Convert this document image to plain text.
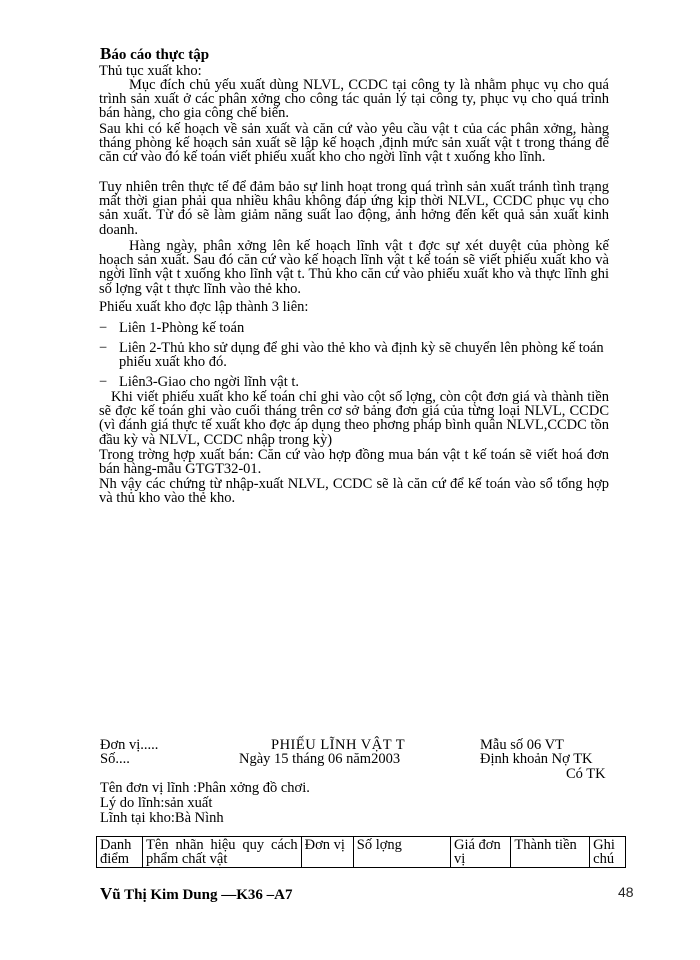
Báo cáo thực tập
Thủ tục xuất kho:
Mục đích chủ yếu xuất dùng NLVL, CCDC tại công ty là nhằm phục vụ cho quá trình sản xuất ở các phân xởng cho công tác quản lý tại công ty, phục vụ cho quá trình bán hàng, cho gia công chế biến.
Sau khi có kế hoạch về sản xuất và căn cứ vào yêu cầu vật t của các phân xởng, hàng tháng phòng kế hoạch sản xuất sẽ lập kế hoạch ,định mức sản xuất vật t trong tháng để căn cứ vào đó kế toán viết phiếu xuất kho cho ngời lĩnh vật t xuống kho lĩnh.
Tuy nhiên trên thực tế để đảm bảo sự linh hoạt trong quá trình sản xuất tránh tình trạng mất thời gian phải qua nhiều khâu không đáp ứng kịp thời NLVL, CCDC phục vụ cho sản xuất. Từ đó sẽ làm giảm năng suất lao động, ảnh hởng đến kết quả sản xuất kinh doanh.
Hàng ngày, phân xởng lên kế hoạch lĩnh vật t đợc sự xét duyệt của phòng kế hoạch sản xuất. Sau đó căn cứ vào kế hoạch lĩnh vật t kế toán sẽ viết phiếu xuất kho và ngời lĩnh vật t xuống kho lĩnh vật t. Thủ kho căn cứ vào phiếu xuất kho và thực lĩnh ghi số lợng vật t thực lĩnh vào thẻ kho.
Phiếu xuất kho đợc lập thành 3 liên:
− Liên 1-Phòng kế toán
− Liên 2-Thủ kho sử dụng để ghi vào thẻ kho và định kỳ sẽ chuyển lên phòng kế toán phiếu xuất kho đó.
− Liên3-Giao cho ngời lĩnh vật t.
Khi viết phiếu xuất kho kế toán chỉ ghi vào cột số lợng, còn cột đơn giá và thành tiền sẽ đợc kế toán ghi vào cuối tháng trên cơ sở bảng đơn giá của từng loại NLVL, CCDC (vì đánh giá thực tế xuất kho đợc áp dụng theo phơng pháp bình quân NLVL,CCDC tồn đầu kỳ và NLVL, CCDC nhập trong kỳ)
Trong trờng hợp xuất bán: Căn cứ vào hợp đồng mua bán vật t kế toán sẽ viết hoá đơn bán hàng-mẫu GTGT32-01.
Nh vậy các chứng từ nhập-xuất NLVL, CCDC sẽ là căn cứ để kế toán vào sổ tổng hợp và thủ kho vào thẻ kho.
Đơn vị.....
Số....
PHIẾU LĨNH VẬT T
Ngày 15 tháng 06 năm2003
Mẫu số 06 VT
Định khoản Nợ TK
Có TK
Tên đơn vị lĩnh :Phân xởng đồ chơi.
Lý do lĩnh:sản xuất
Lĩnh tại kho:Bà Nình
Danh điểm	Tên nhãn hiệu quy cách phẩm chất vật	Đơn vị	Số lợng	Giá đơn vị	Thành tiền	Ghi chú
Vũ Thị Kim Dung —K36 –A7	48
